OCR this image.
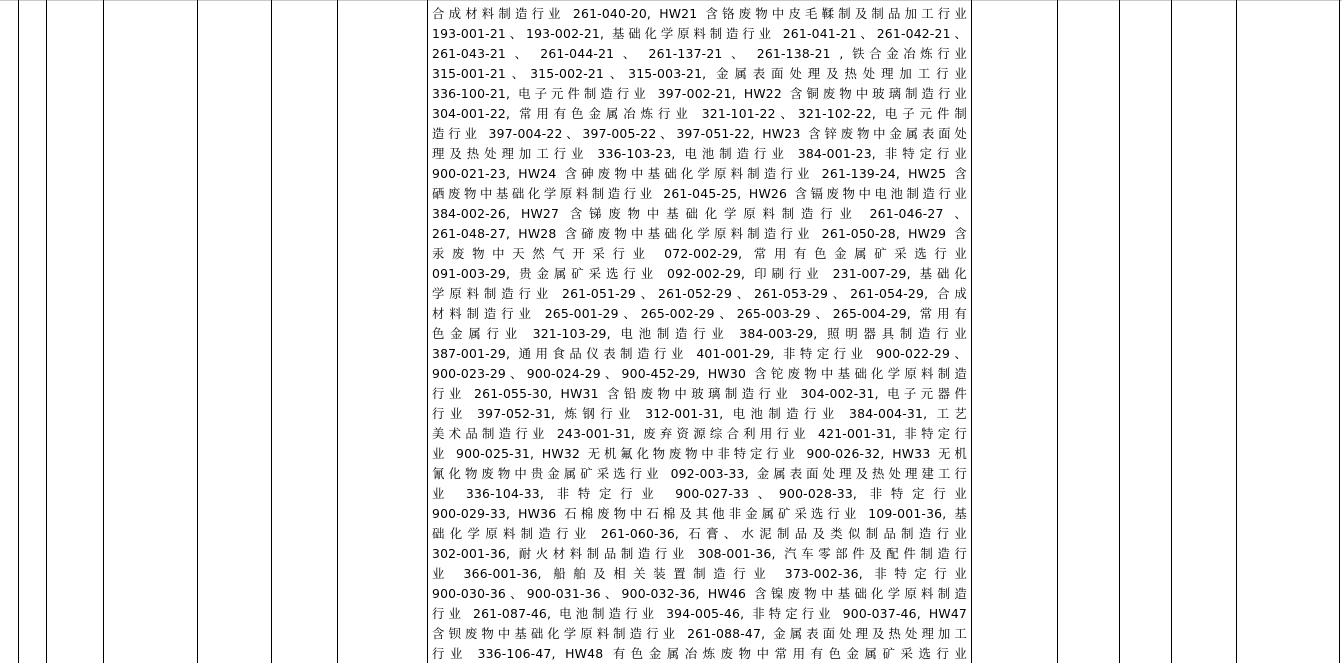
合成材料制造行业 261-040-20, HW21 含铬废物中皮毛鞣制及制品加工行业
193-001-21、193-002-21, 基础化学原料制造行业 261-041-21、261-042-21、
261-043-21 、 261-044-21 、 261-137-21 、 261-138-21 , 铁合金冶炼行业
315-001-21、315-002-21、315-003-21, 金属表面处理及热处理加工行业
336-100-21, 电子元件制造行业 397-002-21, HW22 含铜废物中玻璃制造行业
304-001-22, 常用有色金属冶炼行业 321-101-22、321-102-22, 电子元件制
造行业 397-004-22、397-005-22、397-051-22, HW23 含锌废物中金属表面处
理及热处理加工行业 336-103-23, 电池制造行业 384-001-23, 非特定行业
900-021-23, HW24 含砷废物中基础化学原料制造行业 261-139-24, HW25 含
硒废物中基础化学原料制造行业 261-045-25, HW26 含镉废物中电池制造行业
384-002-26, HW27 含锑废物中基础化学原料制造行业 261-046-27 、
261-048-27, HW28 含碲废物中基础化学原料制造行业 261-050-28, HW29 含
汞废物中天然气开采行业 072-002-29, 常用有色金属矿采选行业
091-003-29, 贵金属矿采选行业 092-002-29, 印刷行业 231-007-29, 基础化
学原料制造行业 261-051-29、261-052-29、261-053-29、261-054-29, 合成
材料制造行业 265-001-29、265-002-29、265-003-29、265-004-29, 常用有
色金属行业 321-103-29, 电池制造行业 384-003-29, 照明器具制造行业
387-001-29, 通用食品仪表制造行业 401-001-29, 非特定行业 900-022-29、
900-023-29、900-024-29、900-452-29, HW30 含铊废物中基础化学原料制造
行业 261-055-30, HW31 含铅废物中玻璃制造行业 304-002-31, 电子元器件
行业 397-052-31, 炼钢行业 312-001-31, 电池制造行业 384-004-31, 工艺
美术品制造行业 243-001-31, 废弃资源综合利用行业 421-001-31, 非特定行
业 900-025-31, HW32 无机氟化物废物中非特定行业 900-026-32, HW33 无机
氰化物废物中贵金属矿采选行业 092-003-33, 金属表面处理及热处理建工行
业 336-104-33, 非特定行业 900-027-33、900-028-33, 非特定行业
900-029-33, HW36 石棉废物中石棉及其他非金属矿采选行业 109-001-36, 基
础化学原料制造行业 261-060-36, 石膏、水泥制品及类似制品制造行业
302-001-36, 耐火材料制品制造行业 308-001-36, 汽车零部件及配件制造行
业 366-001-36, 船舶及相关装置制造行业 373-002-36, 非特定行业
900-030-36、900-031-36、900-032-36, HW46 含镍废物中基础化学原料制造
行业 261-087-46, 电池制造行业 394-005-46, 非特定行业 900-037-46, HW47
含钡废物中基础化学原料制造行业 261-088-47, 金属表面处理及热处理加工
行业 336-106-47, HW48 有色金属冶炼废物中常用有色金属矿采选行业
